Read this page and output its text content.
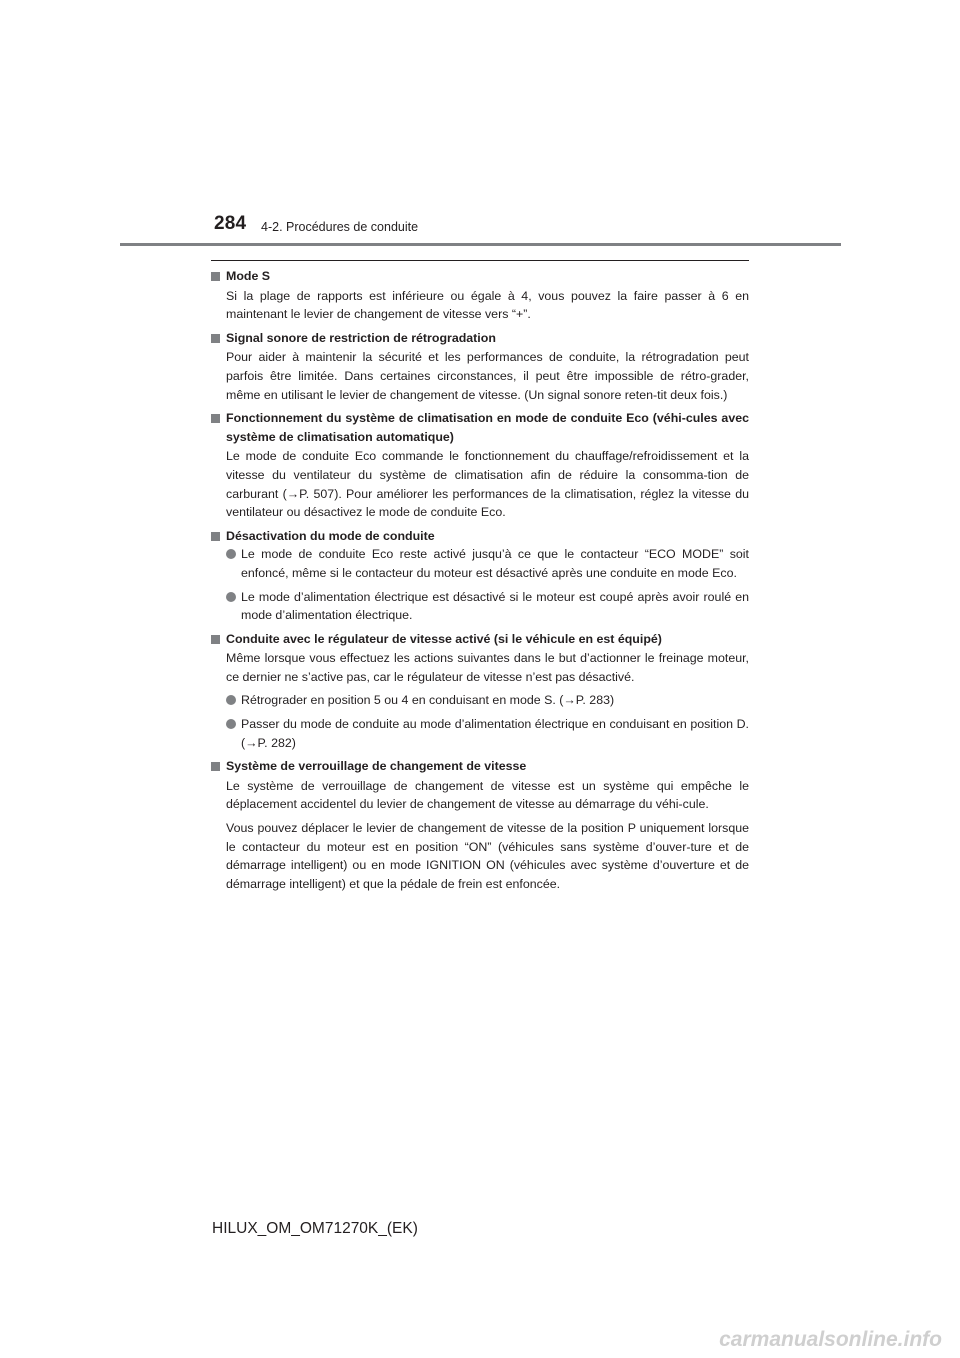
284 4-2. Procédures de conduite
Mode S
Si la plage de rapports est inférieure ou égale à 4, vous pouvez la faire passer à 6 en maintenant le levier de changement de vitesse vers “+”.
Signal sonore de restriction de rétrogradation
Pour aider à maintenir la sécurité et les performances de conduite, la rétrogradation peut parfois être limitée. Dans certaines circonstances, il peut être impossible de rétro-grader, même en utilisant le levier de changement de vitesse. (Un signal sonore reten-tit deux fois.)
Fonctionnement du système de climatisation en mode de conduite Eco (véhi-cules avec système de climatisation automatique)
Le mode de conduite Eco commande le fonctionnement du chauffage/refroidissement et la vitesse du ventilateur du système de climatisation afin de réduire la consomma-tion de carburant (→P. 507). Pour améliorer les performances de la climatisation, réglez la vitesse du ventilateur ou désactivez le mode de conduite Eco.
Désactivation du mode de conduite
Le mode de conduite Eco reste activé jusqu’à ce que le contacteur “ECO MODE” soit enfoncé, même si le contacteur du moteur est désactivé après une conduite en mode Eco.
Le mode d’alimentation électrique est désactivé si le moteur est coupé après avoir roulé en mode d’alimentation électrique.
Conduite avec le régulateur de vitesse activé (si le véhicule en est équipé)
Même lorsque vous effectuez les actions suivantes dans le but d’actionner le freinage moteur, ce dernier ne s’active pas, car le régulateur de vitesse n’est pas désactivé.
Rétrograder en position 5 ou 4 en conduisant en mode S. (→P. 283)
Passer du mode de conduite au mode d’alimentation électrique en conduisant en position D. (→P. 282)
Système de verrouillage de changement de vitesse
Le système de verrouillage de changement de vitesse est un système qui empêche le déplacement accidentel du levier de changement de vitesse au démarrage du véhi-cule.
Vous pouvez déplacer le levier de changement de vitesse de la position P uniquement lorsque le contacteur du moteur est en position “ON” (véhicules sans système d’ouver-ture et de démarrage intelligent) ou en mode IGNITION ON (véhicules avec système d’ouverture et de démarrage intelligent) et que la pédale de frein est enfoncée.
HILUX_OM_OM71270K_(EK)
carmanualsonline.info
